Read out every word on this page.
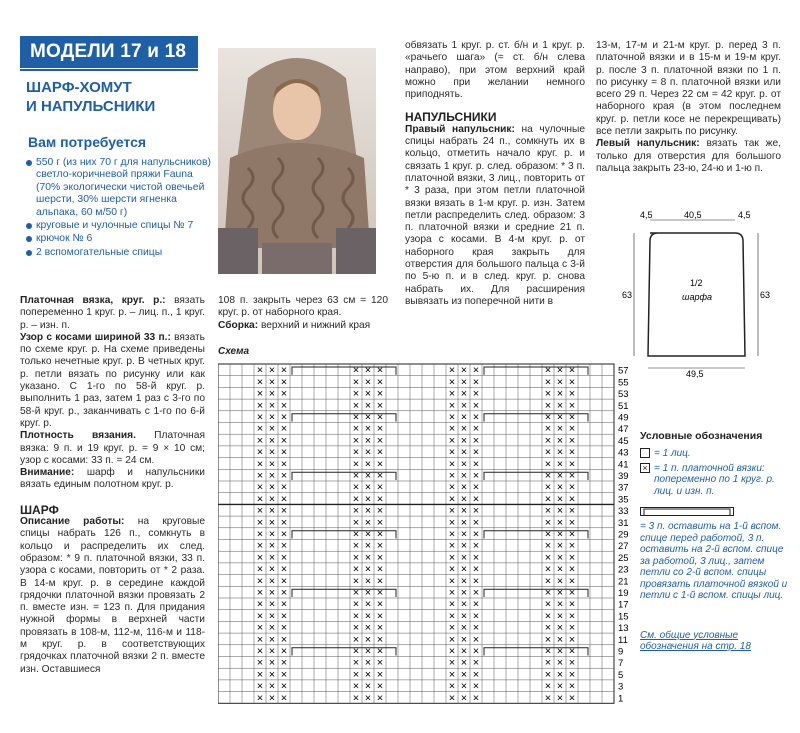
МОДЕЛИ 17 и 18
ШАРФ-ХОМУТ
И НАПУЛЬСНИКИ
Вам потребуется
550 г (из них 70 г для напульсников) светло-коричневой пряжи Fauna (70% экологически чистой овечьей шерсти, 30% шерсти ягненка альпака, 60 м/50 г)
круговые и чулочные спицы № 7
крючок № 6
2 вспомогательные спицы

Платочная вязка, круг. р.: вязать попеременно 1 круг. р. – лиц. п., 1 круг. р. – изн. п.

Узор с косами шириной 33 п.: вязать по схеме круг. р. На схеме приведены только нечетные круг. р. В четных круг. р. петли вязать по рисунку или как указано. С 1-го по 58-й круг. р. выполнить 1 раз, затем 1 раз с 3-го по 58-й круг. р., заканчивать с 1-го по 6-й круг. р.

Плотность вязания. Платочная вязка: 9 п. и 19 круг. р. = 9 × 10 см; узор с косами: 33 п. = 24 см.

Внимание: шарф и напульсники вязать единым полотном круг. р.

ШАРФ

Описание работы: на круговые спицы набрать 126 п., сомкнуть в кольцо и распределить их след. образом: * 9 п. платочной вязки, 33 п. узора с косами, повторить от * 2 раза. В 14-м круг. р. в середине каждой грядочки платочной вязки провязать 2 п. вместе изн. = 123 п. Для придания нужной формы в верхней части провязать в 108-м, 112-м, 116-м и 118-м круг. р. в соответствующих грядочках платочной вязки 2 п. вместе изн. Оставшиеся

108 п. закрыть через 63 см = 120 круг. р. от наборного края.

Сборка: верхний и нижний края

обвязать 1 круг. р. ст. б/н и 1 круг. р. «рачьего шага» (= ст. б/н слева направо), при этом верхний край можно при желании немного приподнять.

НАПУЛЬСНИКИ

Правый напульсник: на чулочные спицы набрать 24 п., сомкнуть их в кольцо, отметить начало круг. р. и связать 1 круг. р. след. образом: * 3 п. платочной вязки, 3 лиц., повторить от * 3 раза, при этом петли платочной вязки вязать в 1-м круг. р. изн. Затем петли распределить след. образом: 3 п. платочной вязки и средние 21 п. узора с косами. В 4-м круг. р. от наборного края закрыть для отверстия для большого пальца с 3-й по 5-ю п. и в след. круг. р. снова набрать их. Для расширения вывязать из поперечной нити в

13-м, 17-м и 21-м круг. р. перед 3 п. платочной вязки и в 15-м и 19-м круг. р. после 3 п. платочной вязки по 1 п. по рисунку = 8 п. платочной вязки или всего 29 п. Через 22 см = 42 круг. р. от наборного края (в этом последнем круг. р. петли косе не перекрещивать) все петли закрыть по рисунку.

Левый напульсник: вязать так же, только для отверстия для большого пальца закрыть 23-ю, 24-ю и 1-ю п.

40,5
4,5	4,5
63	63
49,5
1/2
шарфа
Схема
× × ×	× × ×	× × ×	× × ×	57
× × ×	× × ×	× × ×	× × ×	55
× × ×	× × ×	× × ×	× × ×	53
× × ×	× × ×	× × ×	× × ×	51
× × ×	× × ×	× × ×	× × ×	49
× × ×	× × ×	× × ×	× × ×	47
× × ×	× × ×	× × ×	× × ×	45
× × ×	× × ×	× × ×	× × ×	43
× × ×	× × ×	× × ×	× × ×	41
× × ×	× × ×	× × ×	× × ×	39
× × ×	× × ×	× × ×	× × ×	37
× × ×	× × ×	× × ×	× × ×	35
× × ×	× × ×	× × ×	× × ×	33
× × ×	× × ×	× × ×	× × ×	31
× × ×	× × ×	× × ×	× × ×	29
× × ×	× × ×	× × ×	× × ×	27
× × ×	× × ×	× × ×	× × ×	25
× × ×	× × ×	× × ×	× × ×	23
× × ×	× × ×	× × ×	× × ×	21
× × ×	× × ×	× × ×	× × ×	19
× × ×	× × ×	× × ×	× × ×	17
× × ×	× × ×	× × ×	× × ×	15
× × ×	× × ×	× × ×	× × ×	13
× × ×	× × ×	× × ×	× × ×	11
× × ×	× × ×	× × ×	× × ×	9
× × ×	× × ×	× × ×	× × ×	7
× × ×	× × ×	× × ×	× × ×	5
× × ×	× × ×	× × ×	× × ×	3
× × ×	× × ×	× × ×	× × ×	1
Условные обозначения
= 1 лиц.
× = 1 п. платочной вязки: попеременно по 1 круг. р. лиц. и изн. п.
= 3 п. оставить на 1-й вспом. спице перед работой, 3 п. оставить на 2-й вспом. спице за работой, 3 лиц., затем петли со 2-й вспом. спицы провязать платочной вязкой и петли с 1-й вспом. спицы лиц.
См. общие условные обозначения на стр. 18
